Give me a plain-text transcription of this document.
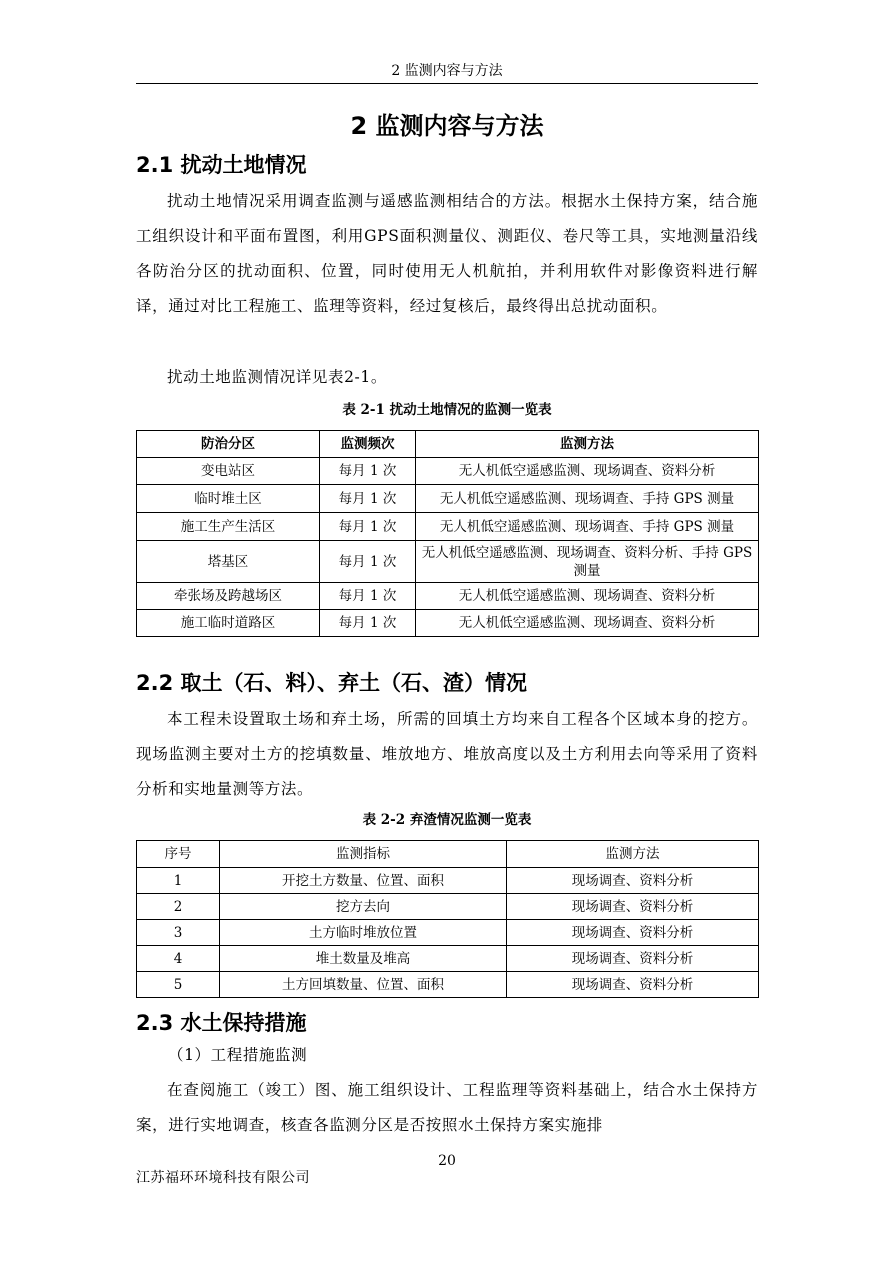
2 监测内容与方法
2 监测内容与方法
2.1 扰动土地情况
扰动土地情况采用调查监测与遥感监测相结合的方法。根据水土保持方案，结合施工组织设计和平面布置图，利用GPS面积测量仪、测距仪、卷尺等工具，实地测量沿线各防治分区的扰动面积、位置，同时使用无人机航拍，并利用软件对影像资料进行解译，通过对比工程施工、监理等资料，经过复核后，最终得出总扰动面积。
扰动土地监测情况详见表2-1。
表 2-1 扰动土地情况的监测一览表
防治分区	监测频次	监测方法
变电站区	每月 1 次	无人机低空遥感监测、现场调查、资料分析
临时堆土区	每月 1 次	无人机低空遥感监测、现场调查、手持 GPS 测量
施工生产生活区	每月 1 次	无人机低空遥感监测、现场调查、手持 GPS 测量
塔基区	每月 1 次	无人机低空遥感监测、现场调查、资料分析、手持 GPS 测量
牵张场及跨越场区	每月 1 次	无人机低空遥感监测、现场调查、资料分析
施工临时道路区	每月 1 次	无人机低空遥感监测、现场调查、资料分析
2.2 取土（石、料）、弃土（石、渣）情况
本工程未设置取土场和弃土场，所需的回填土方均来自工程各个区域本身的挖方。现场监测主要对土方的挖填数量、堆放地方、堆放高度以及土方利用去向等采用了资料分析和实地量测等方法。
表 2-2 弃渣情况监测一览表
序号	监测指标	监测方法
1	开挖土方数量、位置、面积	现场调查、资料分析
2	挖方去向	现场调查、资料分析
3	土方临时堆放位置	现场调查、资料分析
4	堆土数量及堆高	现场调查、资料分析
5	土方回填数量、位置、面积	现场调查、资料分析
2.3 水土保持措施
（1）工程措施监测
在查阅施工（竣工）图、施工组织设计、工程监理等资料基础上，结合水土保持方案，进行实地调查，核查各监测分区是否按照水土保持方案实施排
20
江苏福环环境科技有限公司
